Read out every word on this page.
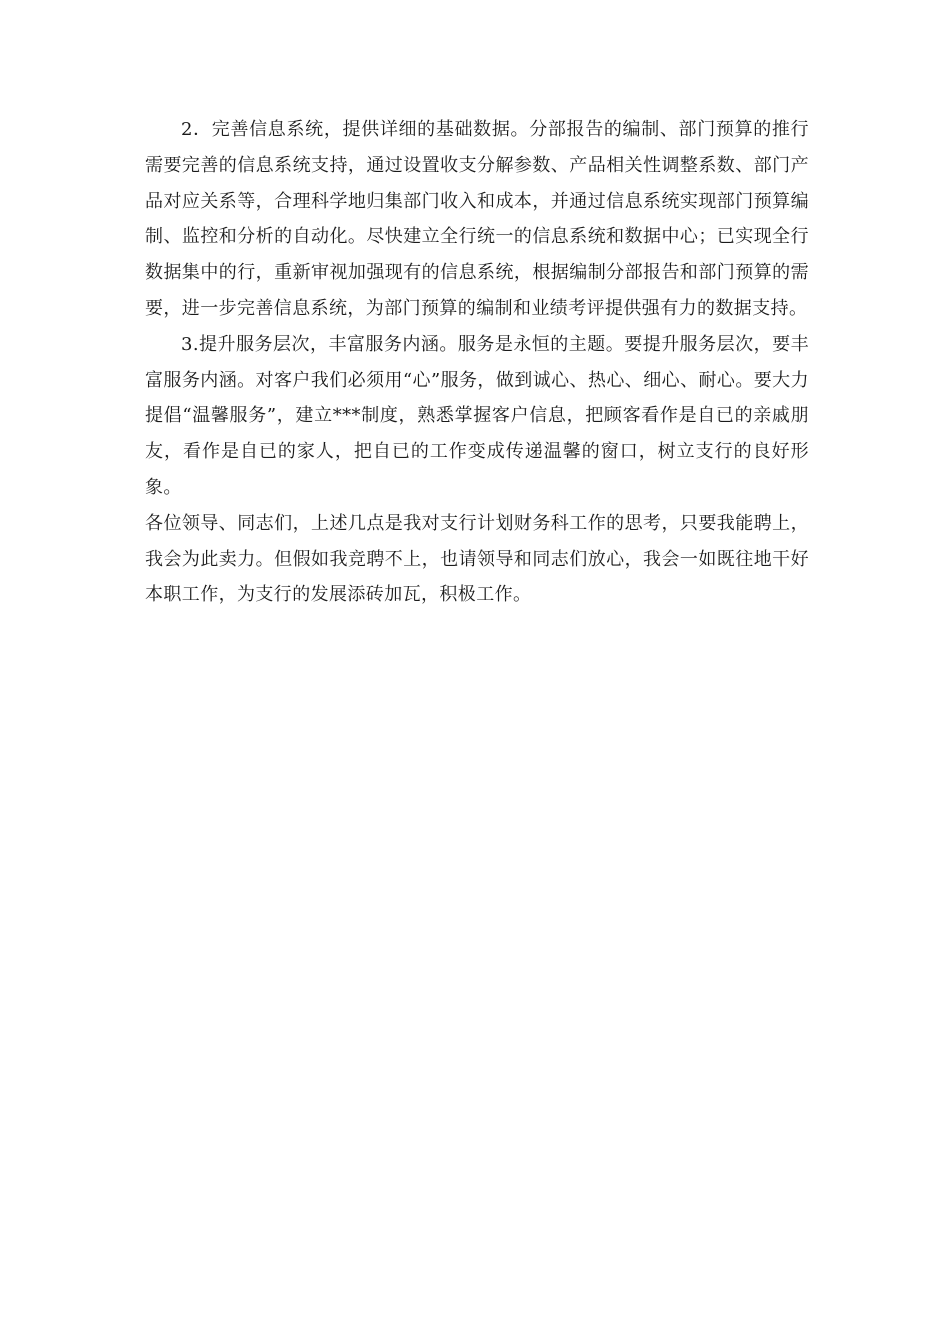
2．完善信息系统，提供详细的基础数据。分部报告的编制、部门预算的推行需要完善的信息系统支持，通过设置收支分解参数、产品相关性调整系数、部门产品对应关系等，合理科学地归集部门收入和成本，并通过信息系统实现部门预算编制、监控和分析的自动化。尽快建立全行统一的信息系统和数据中心；已实现全行数据集中的行，重新审视加强现有的信息系统，根据编制分部报告和部门预算的需要，进一步完善信息系统，为部门预算的编制和业绩考评提供强有力的数据支持。

3.提升服务层次，丰富服务内涵。服务是永恒的主题。要提升服务层次，要丰富服务内涵。对客户我们必须用“心”服务，做到诚心、热心、细心、耐心。要大力提倡“温馨服务”，建立***制度，熟悉掌握客户信息，把顾客看作是自已的亲戚朋友，看作是自已的家人，把自已的工作变成传递温馨的窗口，树立支行的良好形象。

各位领导、同志们，上述几点是我对支行计划财务科工作的思考，只要我能聘上，我会为此卖力。但假如我竞聘不上，也请领导和同志们放心，我会一如既往地干好本职工作，为支行的发展添砖加瓦，积极工作。
